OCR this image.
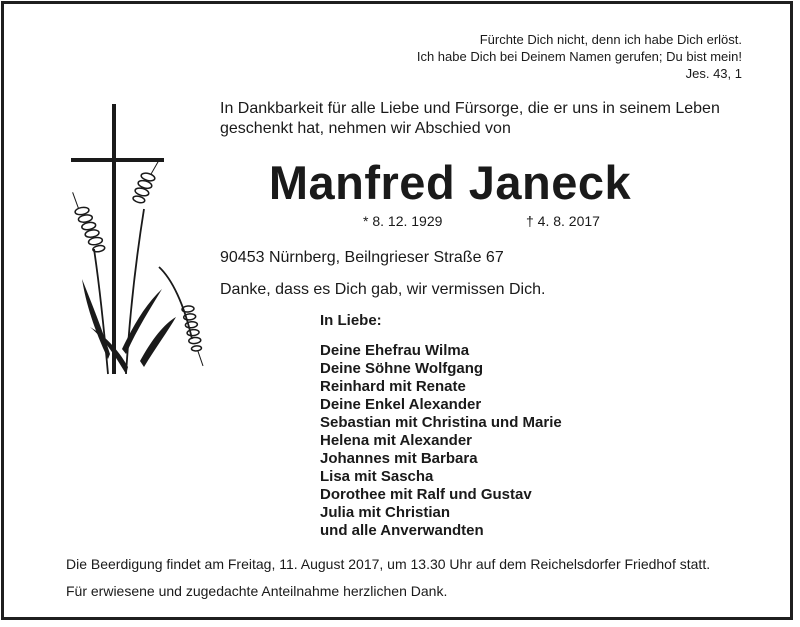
Fürchte Dich nicht, denn ich habe Dich erlöst.
Ich habe Dich bei Deinem Namen gerufen; Du bist mein!
Jes. 43, 1
In Dankbarkeit für alle Liebe und Fürsorge, die er uns in seinem Leben
geschenkt hat, nehmen wir Abschied von
Manfred Janeck
* 8. 12. 1929	† 4. 8. 2017
90453 Nürnberg, Beilngrieser Straße 67
Danke, dass es Dich gab, wir vermissen Dich.
In Liebe:
Deine Ehefrau Wilma
Deine Söhne Wolfgang
Reinhard mit Renate
Deine Enkel Alexander
Sebastian mit Christina und Marie
Helena mit Alexander
Johannes mit Barbara
Lisa mit Sascha
Dorothee mit Ralf und Gustav
Julia mit Christian
und alle Anverwandten
Die Beerdigung findet am Freitag, 11. August 2017, um 13.30 Uhr auf dem Reichelsdorfer Friedhof statt.
Für erwiesene und zugedachte Anteilnahme herzlichen Dank.
